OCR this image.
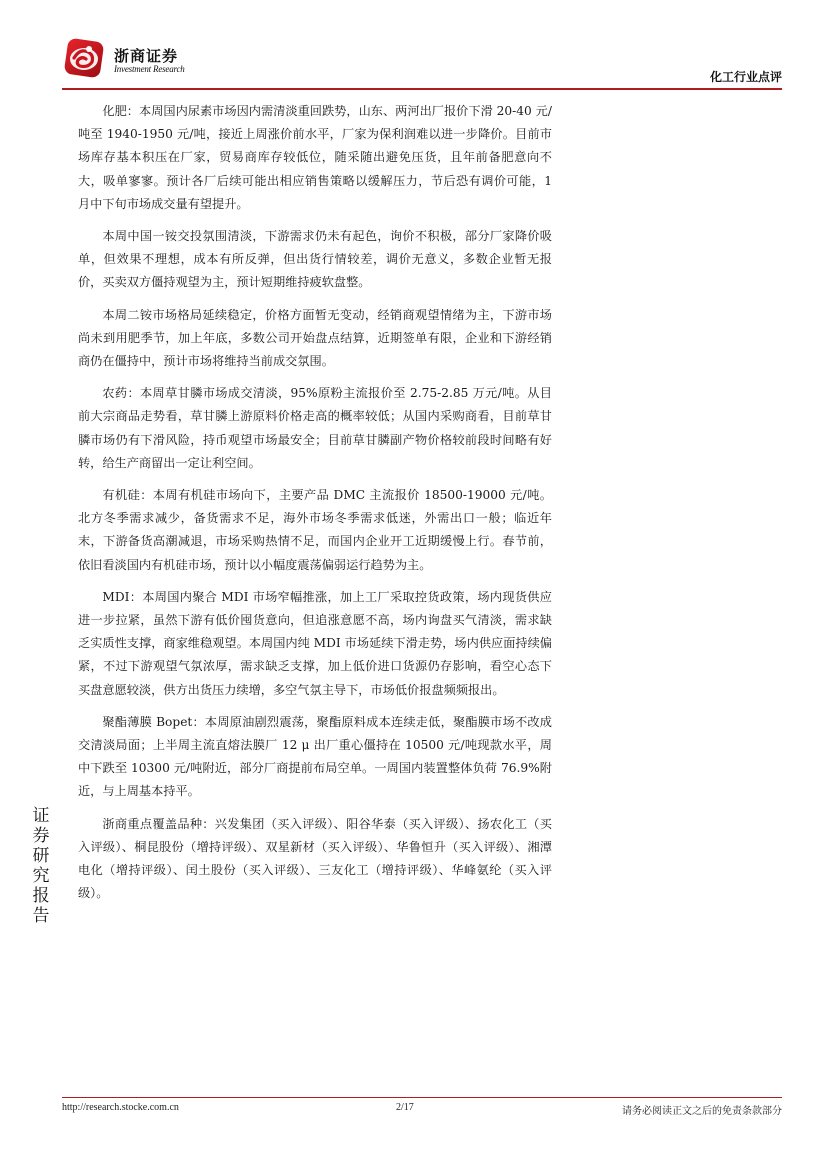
浙商证券
Investment Research
化工行业点评

化肥：本周国内尿素市场因内需清淡重回跌势，山东、两河出厂报价下滑 20-40 元/吨至 1940-1950 元/吨，接近上周涨价前水平，厂家为保利润难以进一步降价。目前市场库存基本积压在厂家，贸易商库存较低位，随采随出避免压货，且年前备肥意向不大，吸单寥寥。预计各厂后续可能出相应销售策略以缓解压力，节后恐有调价可能，1 月中下旬市场成交量有望提升。

本周中国一铵交投氛围清淡，下游需求仍未有起色，询价不积极，部分厂家降价吸单，但效果不理想，成本有所反弹，但出货行情较差，调价无意义，多数企业暂无报价，买卖双方僵持观望为主，预计短期维持疲软盘整。

本周二铵市场格局延续稳定，价格方面暂无变动，经销商观望情绪为主，下游市场尚未到用肥季节，加上年底，多数公司开始盘点结算，近期签单有限，企业和下游经销商仍在僵持中，预计市场将维持当前成交氛围。

农药：本周草甘膦市场成交清淡，95%原粉主流报价至 2.75-2.85 万元/吨。从目前大宗商品走势看，草甘膦上游原料价格走高的概率较低；从国内采购商看，目前草甘膦市场仍有下滑风险，持币观望市场最安全；目前草甘膦副产物价格较前段时间略有好转，给生产商留出一定让利空间。

有机硅：本周有机硅市场向下，主要产品 DMC 主流报价 18500-19000 元/吨。北方冬季需求减少，备货需求不足，海外市场冬季需求低迷，外需出口一般；临近年末，下游备货高潮减退，市场采购热情不足，而国内企业开工近期缓慢上行。春节前，依旧看淡国内有机硅市场，预计以小幅度震荡偏弱运行趋势为主。

MDI：本周国内聚合 MDI 市场窄幅推涨，加上工厂采取控货政策，场内现货供应进一步拉紧，虽然下游有低价囤货意向，但追涨意愿不高，场内询盘买气清淡，需求缺乏实质性支撑，商家维稳观望。本周国内纯 MDI 市场延续下滑走势，场内供应面持续偏紧，不过下游观望气氛浓厚，需求缺乏支撑，加上低价进口货源仍存影响，看空心态下买盘意愿较淡，供方出货压力续增，多空气氛主导下，市场低价报盘频频报出。

聚酯薄膜 Bopet：本周原油剧烈震荡，聚酯原料成本连续走低，聚酯膜市场不改成交清淡局面；上半周主流直熔法膜厂 12 μ 出厂重心僵持在 10500 元/吨现款水平，周中下跌至 10300 元/吨附近，部分厂商提前布局空单。一周国内装置整体负荷 76.9%附近，与上周基本持平。

浙商重点覆盖品种：兴发集团（买入评级）、阳谷华泰（买入评级）、扬农化工（买入评级）、桐昆股份（增持评级）、双星新材（买入评级）、华鲁恒升（买入评级）、湘潭电化（增持评级）、闰土股份（买入评级）、三友化工（增持评级）、华峰氨纶（买入评级）。

证券研究报告
http://research.stocke.com.cn	2/17	请务必阅读正文之后的免责条款部分
